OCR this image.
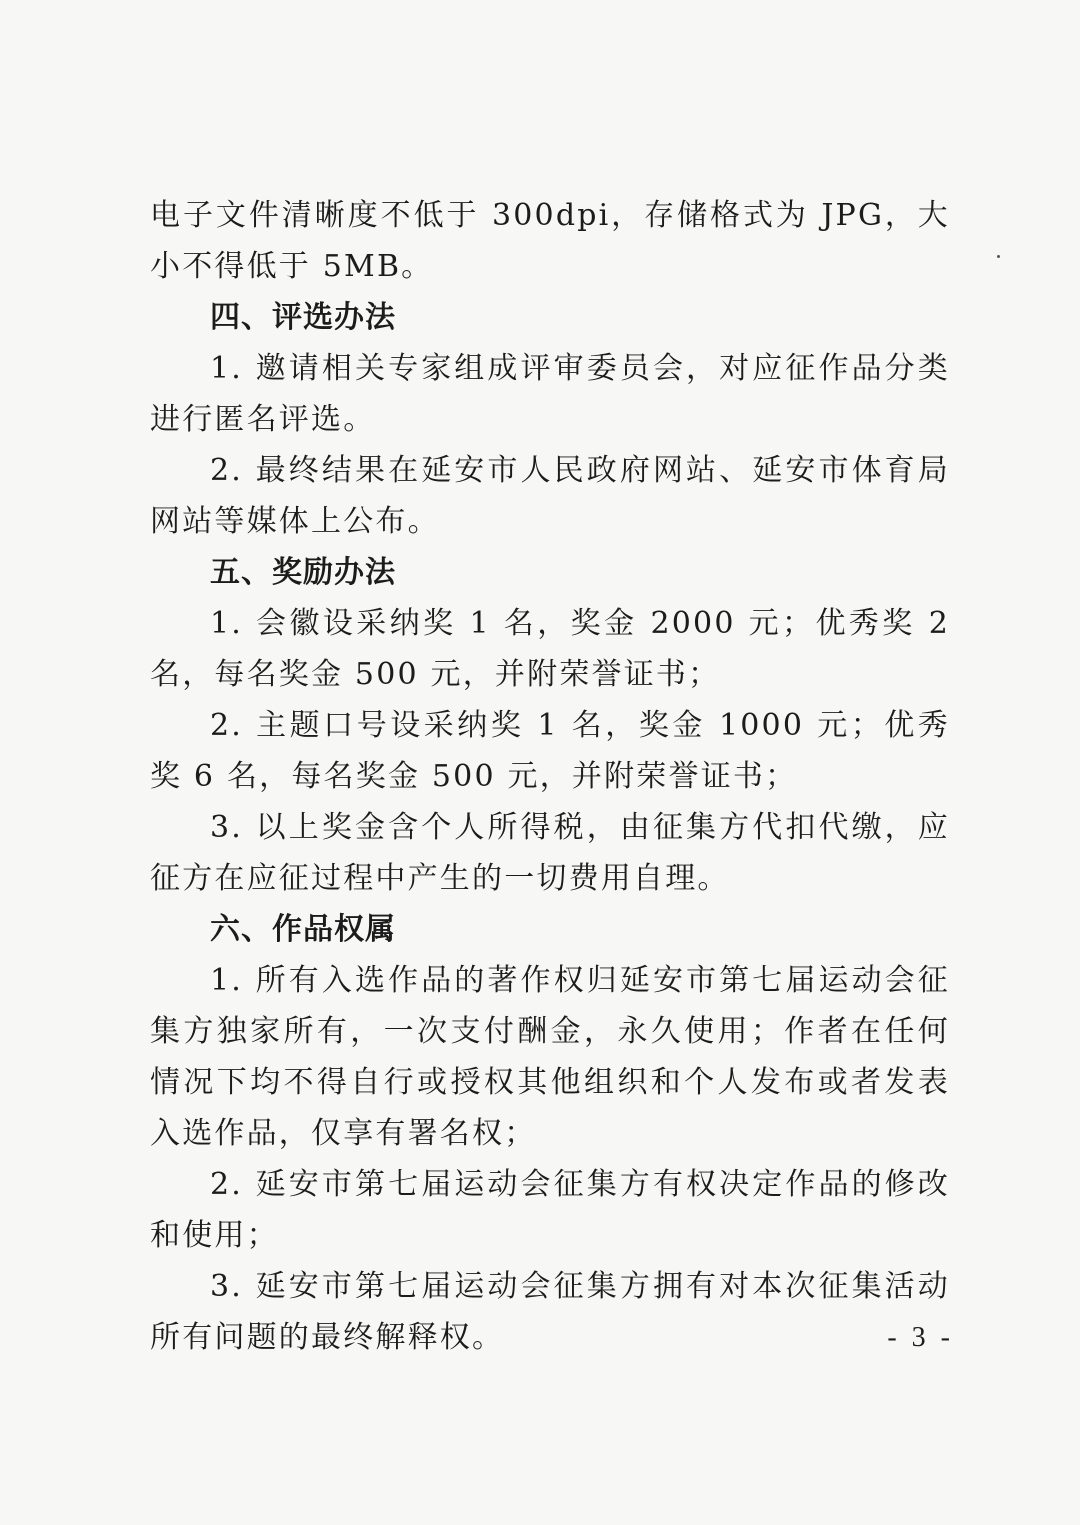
电子文件清晰度不低于 300dpi，存储格式为 JPG，大小不得低于 5MB。

四、评选办法

1. 邀请相关专家组成评审委员会，对应征作品分类进行匿名评选。

2. 最终结果在延安市人民政府网站、延安市体育局网站等媒体上公布。

五、奖励办法

1. 会徽设采纳奖 1 名，奖金 2000 元；优秀奖 2 名，每名奖金 500 元，并附荣誉证书；

2. 主题口号设采纳奖 1 名，奖金 1000 元；优秀奖 6 名，每名奖金 500 元，并附荣誉证书；

3. 以上奖金含个人所得税，由征集方代扣代缴，应征方在应征过程中产生的一切费用自理。

六、作品权属

1. 所有入选作品的著作权归延安市第七届运动会征集方独家所有，一次支付酬金，永久使用；作者在任何情况下均不得自行或授权其他组织和个人发布或者发表入选作品，仅享有署名权；

2. 延安市第七届运动会征集方有权决定作品的修改和使用；

3. 延安市第七届运动会征集方拥有对本次征集活动所有问题的最终解释权。	- 3 -
